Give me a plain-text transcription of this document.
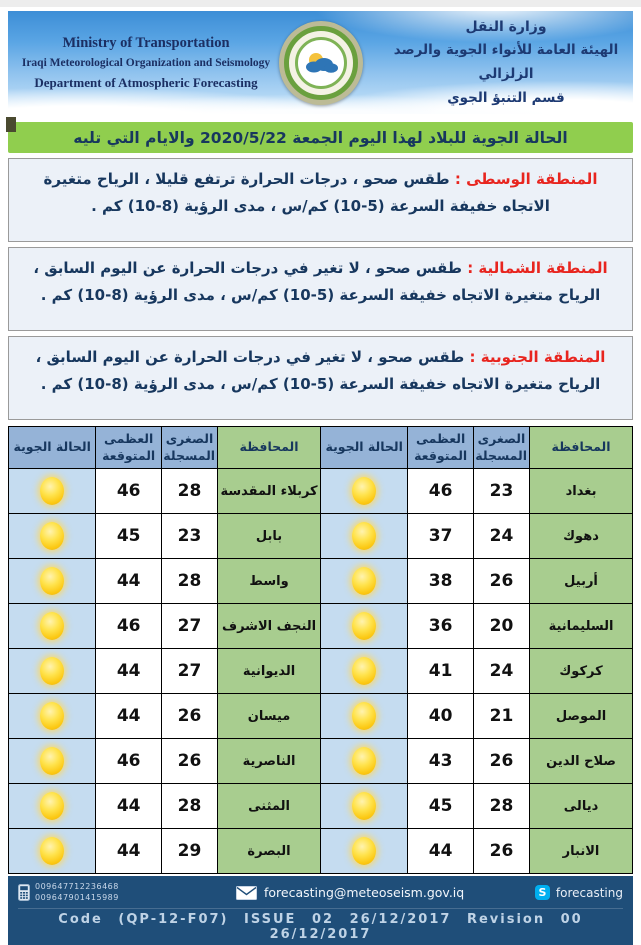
Ministry of Transportation
Iraqi Meteorological Organization and Seismology
Department of Atmospheric Forecasting
وزارة النقل
الهيئة العامة للأنواء الجوية والرصد الزلزالي
قسم التنبؤ الجوي
الحالة الجوية للبلاد لهذا اليوم الجمعة 2020/5/22 والايام التي تليه
المنطقة الوسطى : طقس صحو ، درجات الحرارة ترتفع قليلا ، الرياح متغيرة الاتجاه خفيفة السرعة (5-10) كم/س ، مدى الرؤية (8-10) كم .
المنطقة الشمالية : طقس صحو ، لا تغير في درجات الحرارة عن اليوم السابق ، الرياح متغيرة الاتجاه خفيفة السرعة (5-10) كم/س ، مدى الرؤية (8-10) كم .
المنطقة الجنوبية : طقس صحو ، لا تغير في درجات الحرارة عن اليوم السابق ، الرياح متغيرة الاتجاه خفيفة السرعة (5-10) كم/س ، مدى الرؤية (8-10) كم .
المحافظة	الصغرى المسجلة	العظمى المتوقعة	الحالة الجوية	المحافظة	الصغرى المسجلة	العظمى المتوقعة	الحالة الجوية
بغداد	23	46		كربلاء المقدسة	28	46	

دهوك	24	37		بابل	23	45	

أربيل	26	38		واسط	28	44	

السليمانية	20	36		النجف الاشرف	27	46	

كركوك	24	41		الديوانية	27	44	

الموصل	21	40		ميسان	26	44	

صلاح الدين	26	43		الناصرية	26	46	

ديالى	28	45		المثنى	28	44	

الانبار	26	44		البصرة	29	44	
009647712236468
009647901415989	forecasting@meteoseism.gov.iq	S forecasting
Code (QP-12-F07) ISSUE 02 26/12/2017 Revision 00 26/12/2017
